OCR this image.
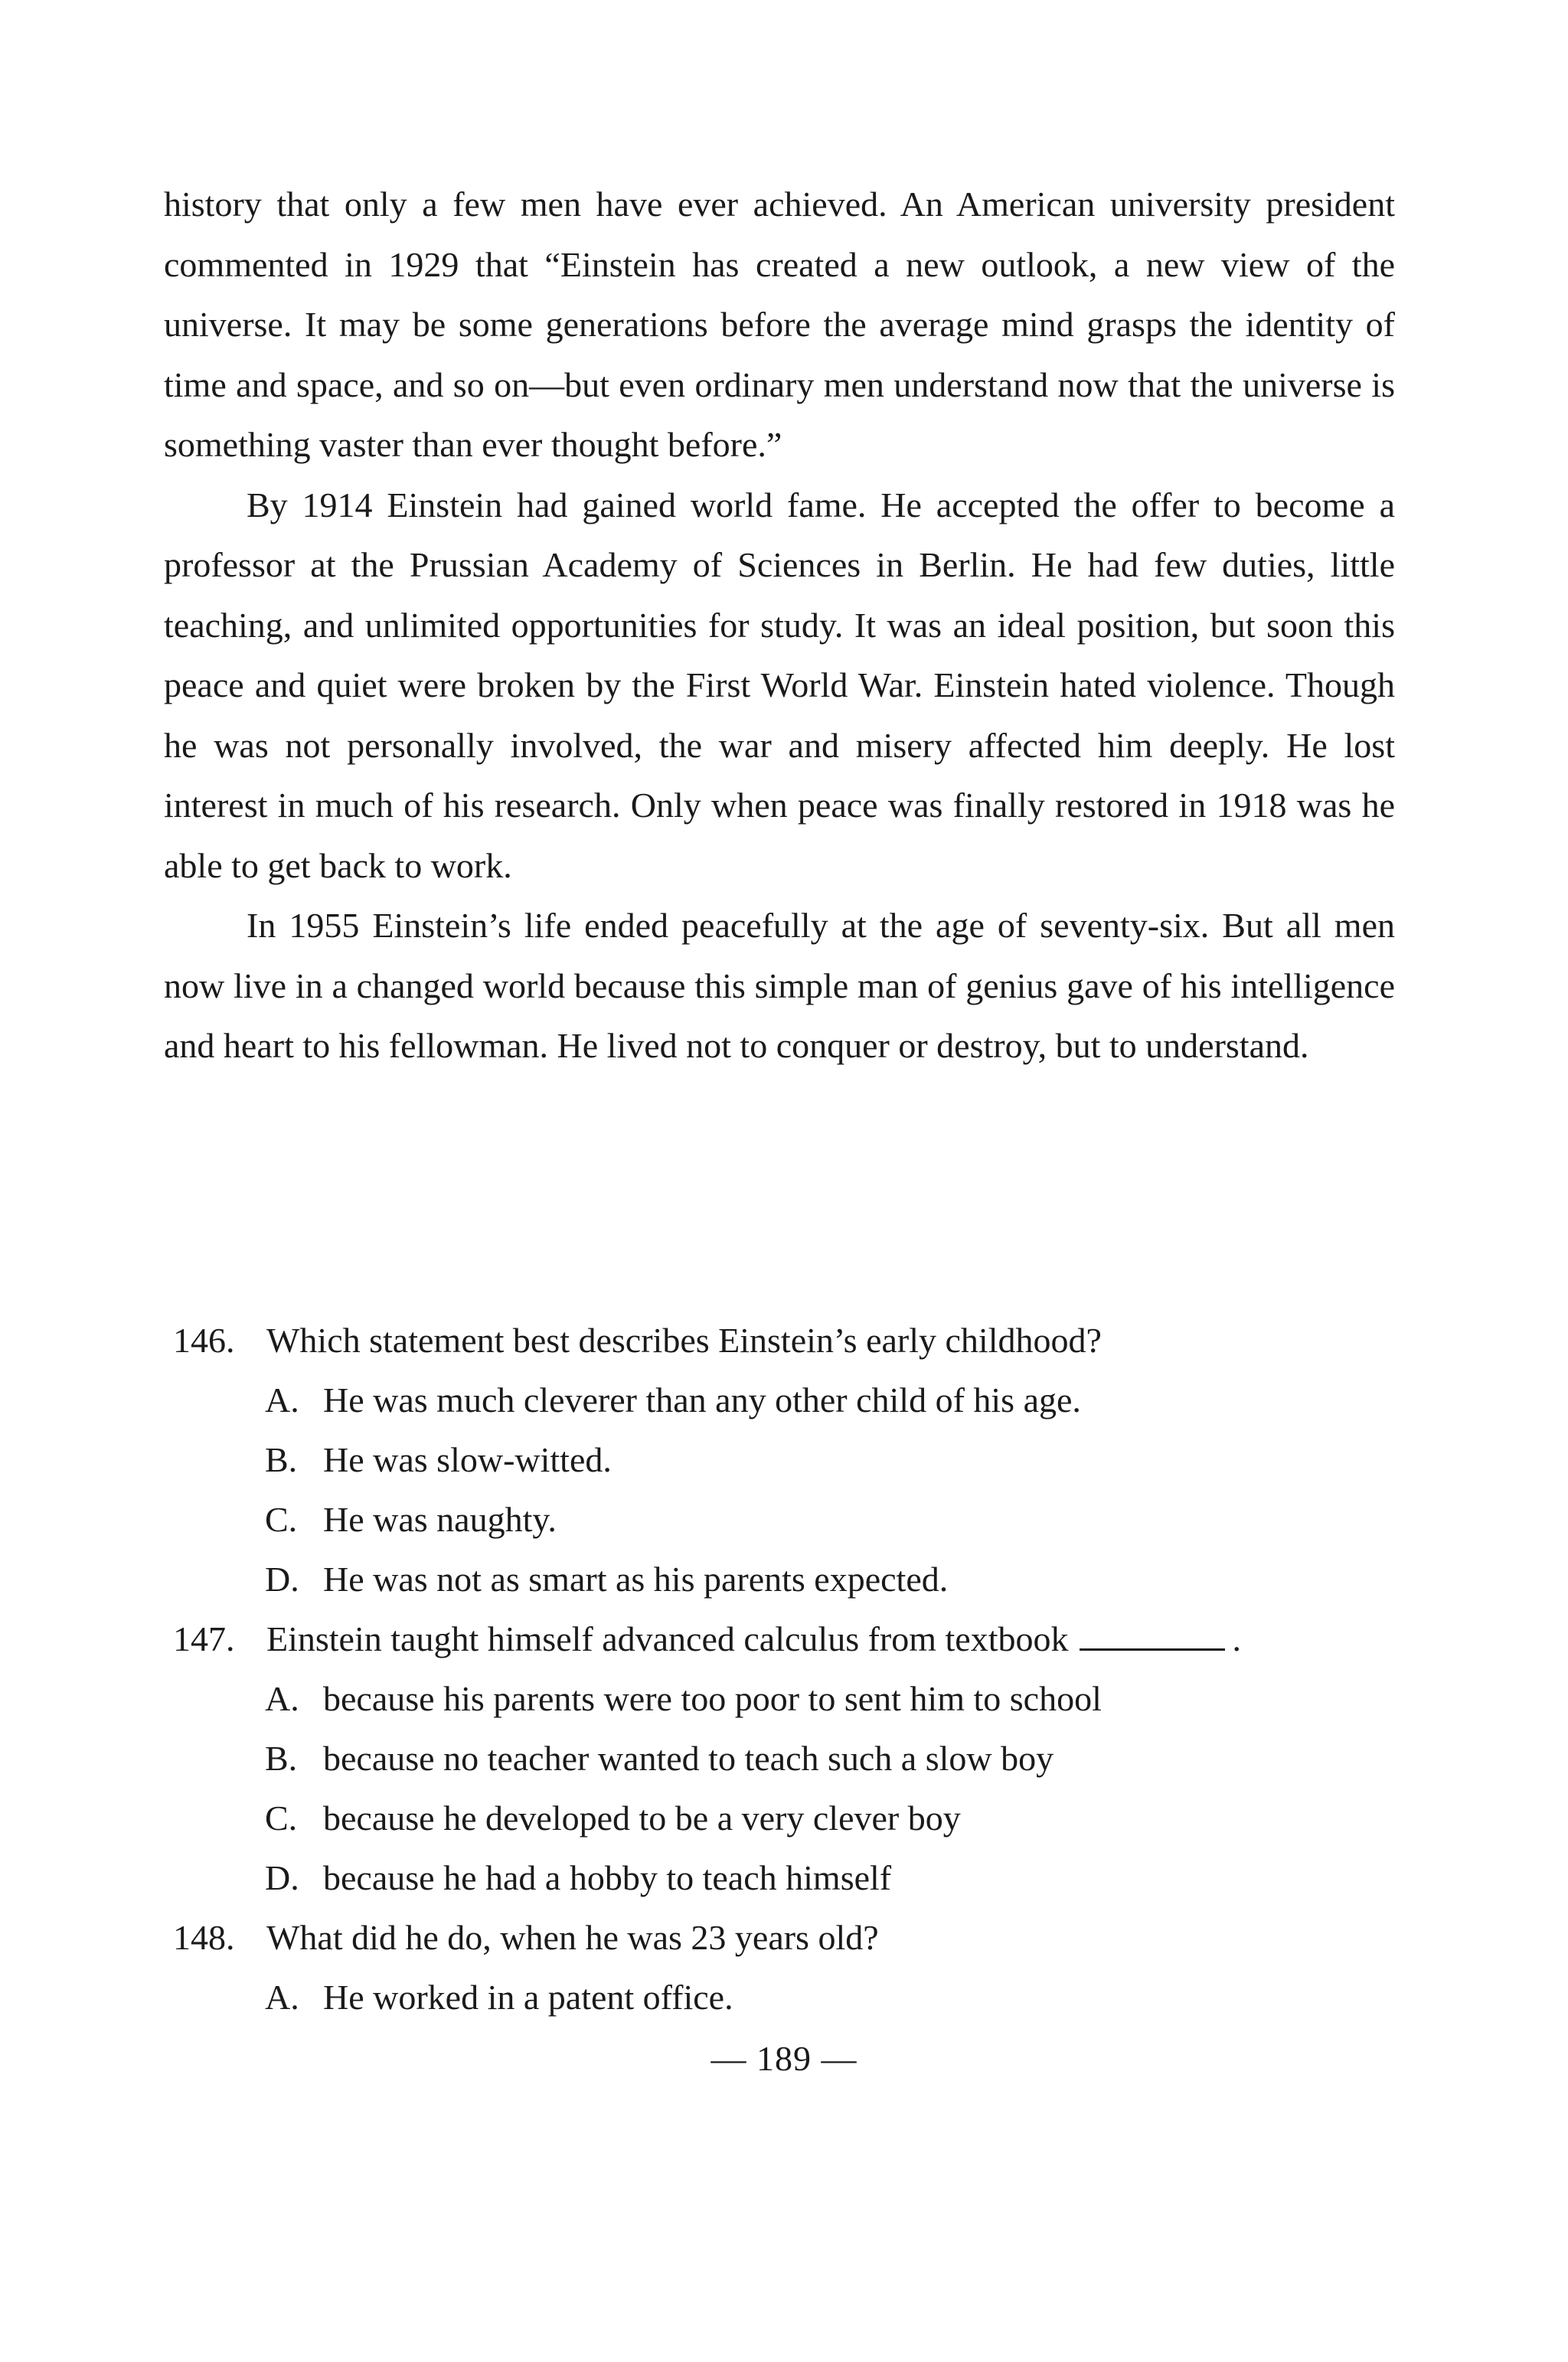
history that only a few men have ever achieved. An American university president commented in 1929 that “Einstein has created a new outlook, a new view of the universe. It may be some generations before the average mind grasps the identity of time and space, and so on—but even ordinary men understand now that the universe is something vaster than ever thought before.”

By 1914 Einstein had gained world fame. He accepted the offer to become a professor at the Prussian Academy of Sciences in Berlin. He had few duties, little teaching, and unlimited opportunities for study. It was an ideal position, but soon this peace and quiet were broken by the First World War. Einstein hated violence. Though he was not personally involved, the war and misery affected him deeply. He lost interest in much of his research. Only when peace was finally restored in 1918 was he able to get back to work.

In 1955 Einstein’s life ended peacefully at the age of seventy-six. But all men now live in a changed world because this simple man of genius gave of his intelligence and heart to his fellowman. He lived not to conquer or destroy, but to understand.

146. Which statement best describes Einstein’s early childhood?
A. He was much cleverer than any other child of his age.
B. He was slow-witted.
C. He was naughty.
D. He was not as smart as his parents expected.
147. Einstein taught himself advanced calculus from textbook	.
A. because his parents were too poor to sent him to school
B. because no teacher wanted to teach such a slow boy
C. because he developed to be a very clever boy
D. because he had a hobby to teach himself
148. What did he do, when he was 23 years old?
A. He worked in a patent office.
— 189 —
